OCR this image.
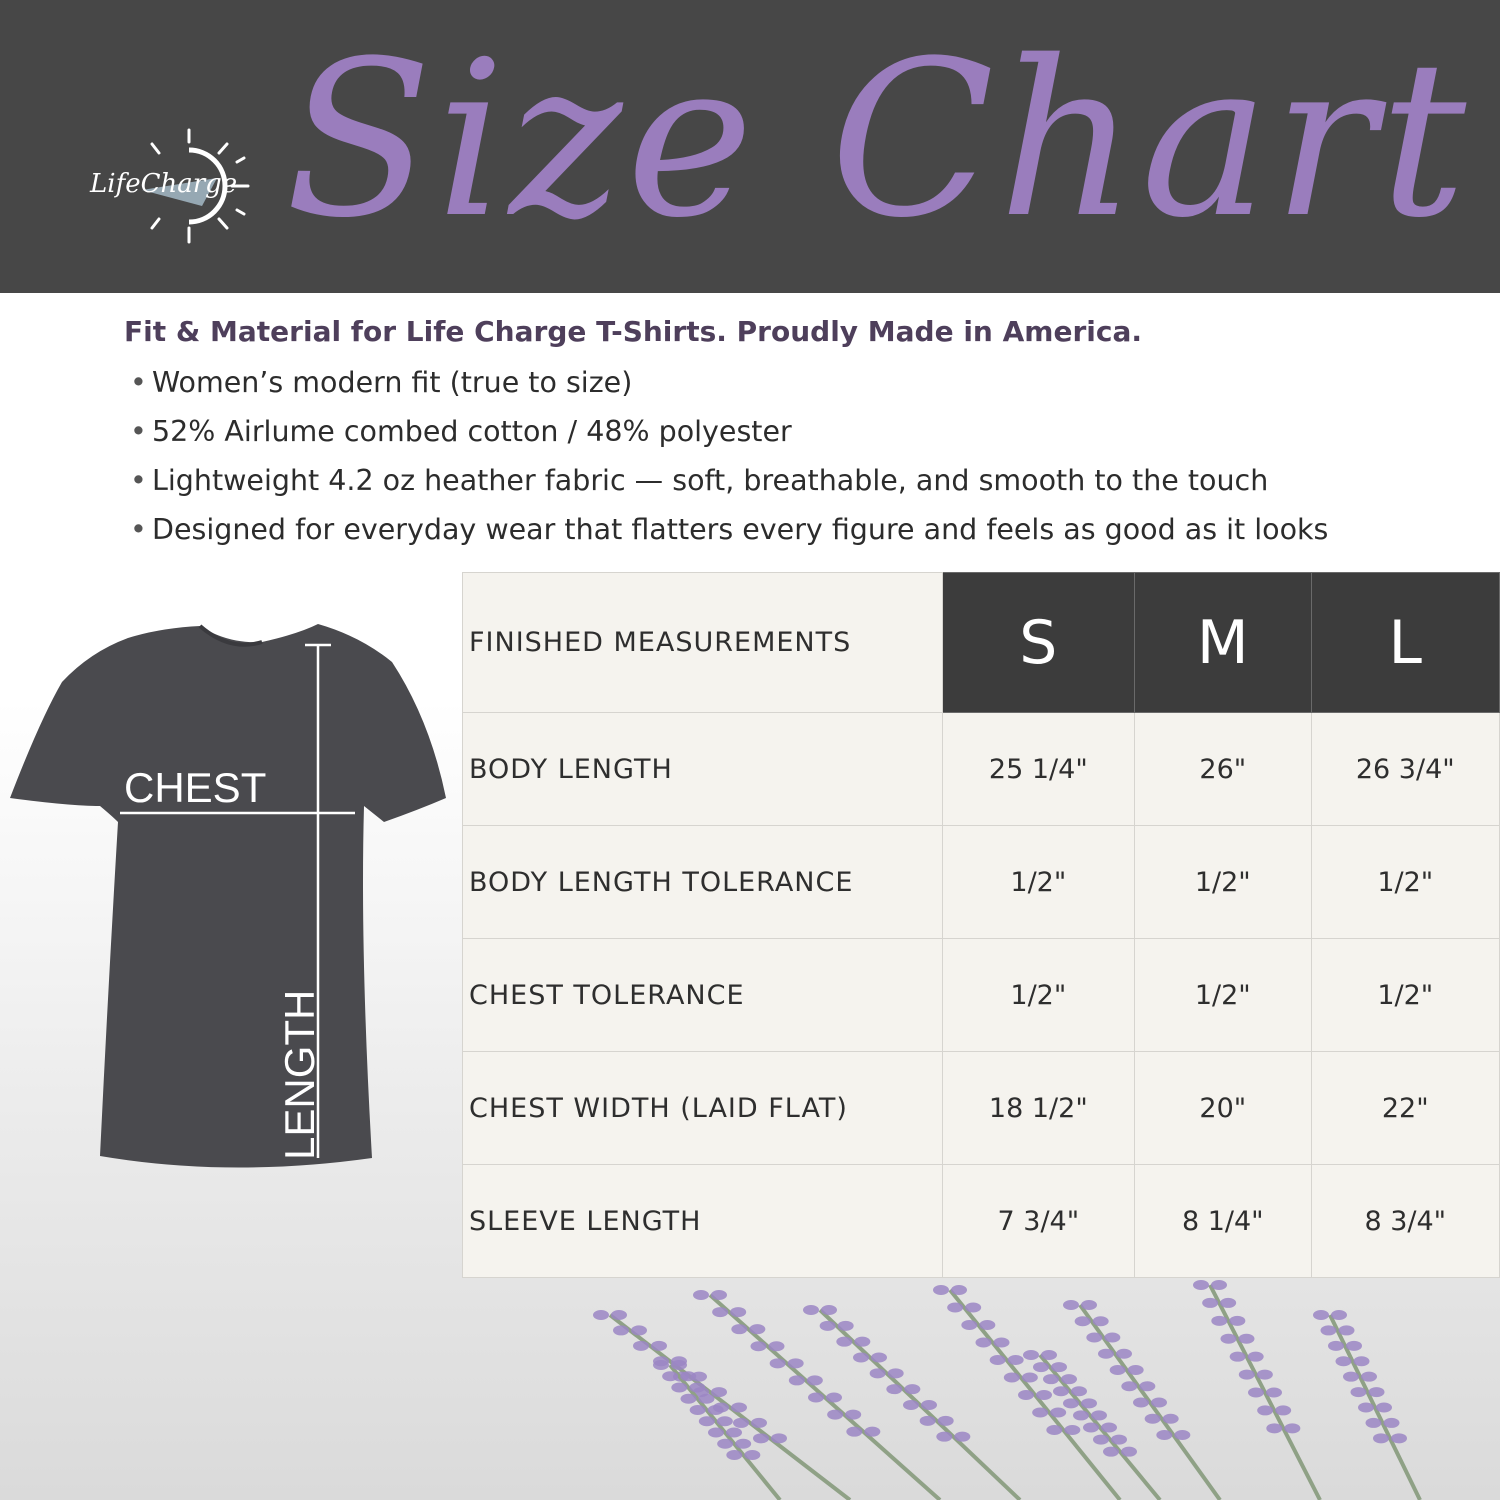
LifeCharge Size Chart
Fit & Material for Life Charge T-Shirts. Proudly Made in America.
• Women’s modern fit (true to size)
• 52% Airlume combed cotton / 48% polyester
• Lightweight 4.2 oz heather fabric — soft, breathable, and smooth to the touch
• Designed for everyday wear that flatters every figure and feels as good as it looks
CHEST
LENGTH
FINISHED MEASUREMENTS	S	M	L
BODY LENGTH	25 1/4"	26"	26 3/4"
BODY LENGTH TOLERANCE	1/2"	1/2"	1/2"
CHEST TOLERANCE	1/2"	1/2"	1/2"
CHEST WIDTH (LAID FLAT)	18 1/2"	20"	22"
SLEEVE LENGTH	7 3/4"	8 1/4"	8 3/4"
